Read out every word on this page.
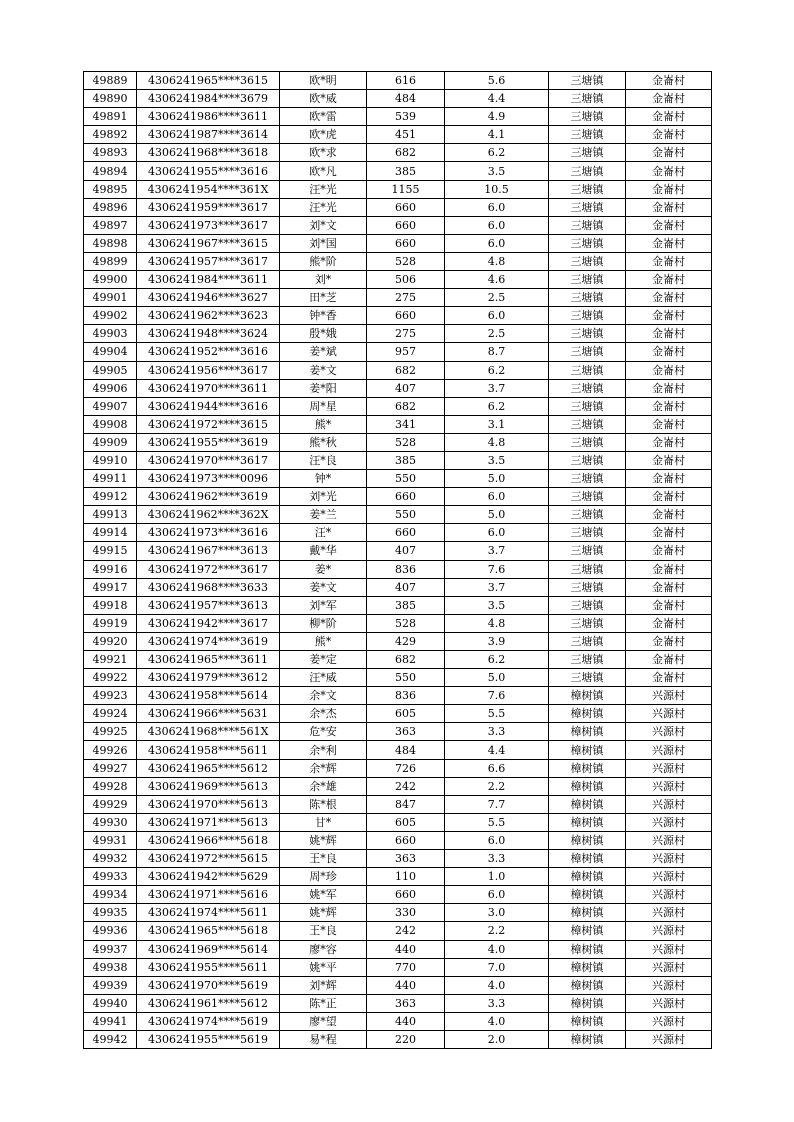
49889	4306241965****3615	欧*明	616	5.6	三塘镇	金崙村
49890	4306241984****3679	欧*威	484	4.4	三塘镇	金崙村
49891	4306241986****3611	欧*雷	539	4.9	三塘镇	金崙村
49892	4306241987****3614	欧*虎	451	4.1	三塘镇	金崙村
49893	4306241968****3618	欧*求	682	6.2	三塘镇	金崙村
49894	4306241955****3616	欧*凡	385	3.5	三塘镇	金崙村
49895	4306241954****361X	汪*光	1155	10.5	三塘镇	金崙村
49896	4306241959****3617	汪*光	660	6.0	三塘镇	金崙村
49897	4306241973****3617	刘*文	660	6.0	三塘镇	金崙村
49898	4306241967****3615	刘*国	660	6.0	三塘镇	金崙村
49899	4306241957****3617	熊*阶	528	4.8	三塘镇	金崙村
49900	4306241984****3611	刘*	506	4.6	三塘镇	金崙村
49901	4306241946****3627	田*芝	275	2.5	三塘镇	金崙村
49902	4306241962****3623	钟*香	660	6.0	三塘镇	金崙村
49903	4306241948****3624	殷*娥	275	2.5	三塘镇	金崙村
49904	4306241952****3616	姜*斌	957	8.7	三塘镇	金崙村
49905	4306241956****3617	姜*文	682	6.2	三塘镇	金崙村
49906	4306241970****3611	姜*阳	407	3.7	三塘镇	金崙村
49907	4306241944****3616	周*星	682	6.2	三塘镇	金崙村
49908	4306241972****3615	熊*	341	3.1	三塘镇	金崙村
49909	4306241955****3619	熊*秋	528	4.8	三塘镇	金崙村
49910	4306241970****3617	汪*良	385	3.5	三塘镇	金崙村
49911	4306241973****0096	钟*	550	5.0	三塘镇	金崙村
49912	4306241962****3619	刘*光	660	6.0	三塘镇	金崙村
49913	4306241962****362X	姜*兰	550	5.0	三塘镇	金崙村
49914	4306241973****3616	汪*	660	6.0	三塘镇	金崙村
49915	4306241967****3613	戴*华	407	3.7	三塘镇	金崙村
49916	4306241972****3617	姜*	836	7.6	三塘镇	金崙村
49917	4306241968****3633	姜*文	407	3.7	三塘镇	金崙村
49918	4306241957****3613	刘*军	385	3.5	三塘镇	金崙村
49919	4306241942****3617	柳*阶	528	4.8	三塘镇	金崙村
49920	4306241974****3619	熊*	429	3.9	三塘镇	金崙村
49921	4306241965****3611	姜*定	682	6.2	三塘镇	金崙村
49922	4306241979****3612	汪*威	550	5.0	三塘镇	金崙村
49923	4306241958****5614	余*文	836	7.6	樟树镇	兴源村
49924	4306241966****5631	余*杰	605	5.5	樟树镇	兴源村
49925	4306241968****561X	危*安	363	3.3	樟树镇	兴源村
49926	4306241958****5611	余*利	484	4.4	樟树镇	兴源村
49927	4306241965****5612	余*辉	726	6.6	樟树镇	兴源村
49928	4306241969****5613	余*雄	242	2.2	樟树镇	兴源村
49929	4306241970****5613	陈*根	847	7.7	樟树镇	兴源村
49930	4306241971****5613	甘*	605	5.5	樟树镇	兴源村
49931	4306241966****5618	姚*辉	660	6.0	樟树镇	兴源村
49932	4306241972****5615	王*良	363	3.3	樟树镇	兴源村
49933	4306241942****5629	周*珍	110	1.0	樟树镇	兴源村
49934	4306241971****5616	姚*军	660	6.0	樟树镇	兴源村
49935	4306241974****5611	姚*辉	330	3.0	樟树镇	兴源村
49936	4306241965****5618	王*良	242	2.2	樟树镇	兴源村
49937	4306241969****5614	廖*容	440	4.0	樟树镇	兴源村
49938	4306241955****5611	姚*平	770	7.0	樟树镇	兴源村
49939	4306241970****5619	刘*辉	440	4.0	樟树镇	兴源村
49940	4306241961****5612	陈*正	363	3.3	樟树镇	兴源村
49941	4306241974****5619	廖*望	440	4.0	樟树镇	兴源村
49942	4306241955****5619	易*程	220	2.0	樟树镇	兴源村
